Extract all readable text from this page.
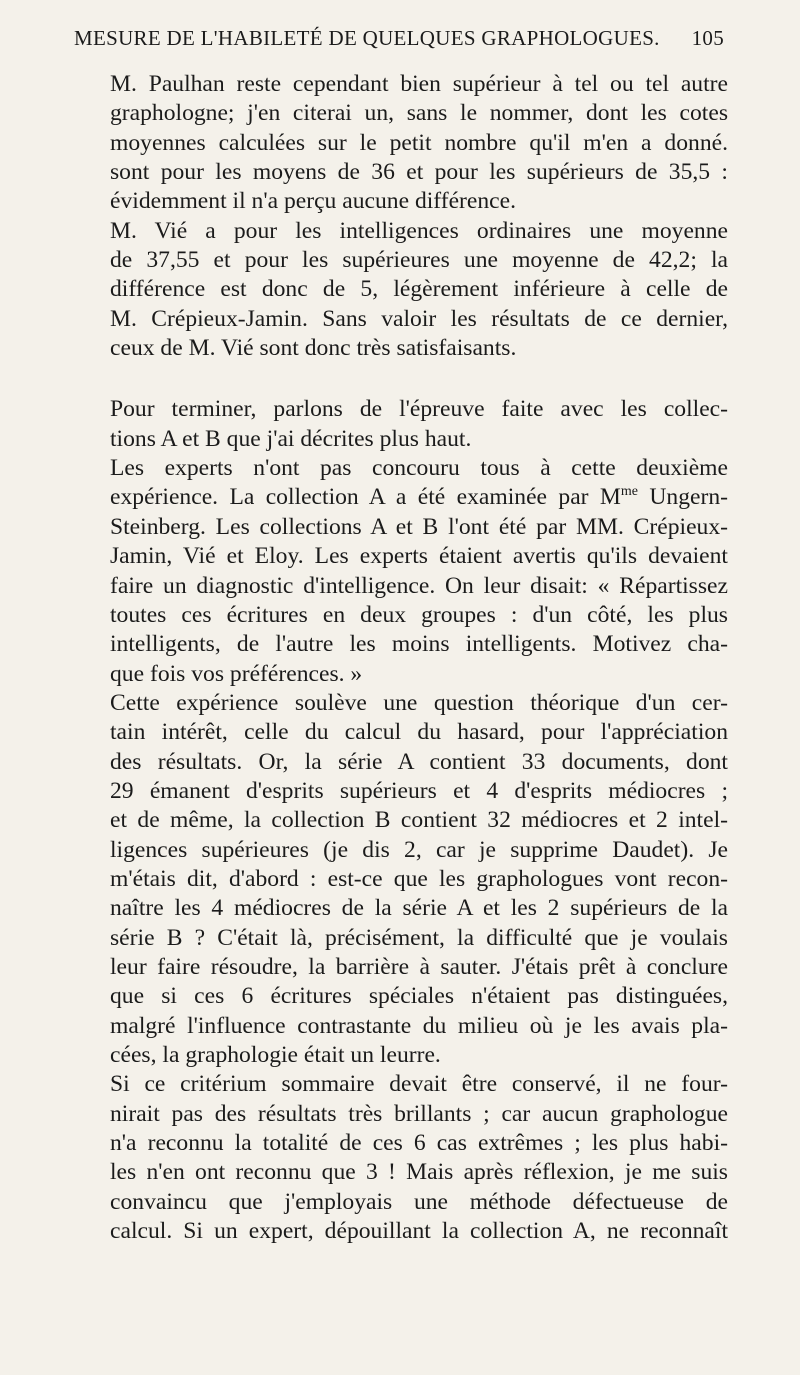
MESURE DE L'HABILETÉ DE QUELQUES GRAPHOLOGUES. 105
M. Paulhan reste cependant bien supérieur à tel ou tel autre
graphologne; j'en citerai un, sans le nommer, dont les cotes
moyennes calculées sur le petit nombre qu'il m'en a donné.
sont pour les moyens de 36 et pour les supérieurs de 35,5 :
évidemment il n'a perçu aucune différence.
M. Vié a pour les intelligences ordinaires une moyenne
de 37,55 et pour les supérieures une moyenne de 42,2; la
différence est donc de 5, légèrement inférieure à celle de
M. Crépieux-Jamin. Sans valoir les résultats de ce dernier,
ceux de M. Vié sont donc très satisfaisants.
Pour terminer, parlons de l'épreuve faite avec les collec-
tions A et B que j'ai décrites plus haut.
Les experts n'ont pas concouru tous à cette deuxième
expérience. La collection A a été examinée par $M^{me}$ Ungern-
Steinberg. Les collections A et B l'ont été par MM. Crépieux-
Jamin, Vié et Eloy. Les experts étaient avertis qu'ils devaient
faire un diagnostic d'intelligence. On leur disait: « Répartissez
toutes ces écritures en deux groupes : d'un côté, les plus
intelligents, de l'autre les moins intelligents. Motivez cha-
que fois vos préférences. »
Cette expérience soulève une question théorique d'un cer-
tain intérêt, celle du calcul du hasard, pour l'appréciation
des résultats. Or, la série A contient 33 documents, dont
29 émanent d'esprits supérieurs et 4 d'esprits médiocres ;
et de même, la collection B contient 32 médiocres et 2 intel-
ligences supérieures (je dis 2, car je supprime Daudet). Je
m'étais dit, d'abord : est-ce que les graphologues vont recon-
naître les 4 médiocres de la série A et les 2 supérieurs de la
série B ? C'était là, précisément, la difficulté que je voulais
leur faire résoudre, la barrière à sauter. J'étais prêt à conclure
que si ces 6 écritures spéciales n'étaient pas distinguées,
malgré l'influence contrastante du milieu où je les avais pla-
cées, la graphologie était un leurre.
Si ce critérium sommaire devait être conservé, il ne four-
nirait pas des résultats très brillants ; car aucun graphologue
n'a reconnu la totalité de ces 6 cas extrêmes ; les plus habi-
les n'en ont reconnu que 3 ! Mais après réflexion, je me suis
convaincu que j'employais une méthode défectueuse de
calcul. Si un expert, dépouillant la collection A, ne reconnaît
